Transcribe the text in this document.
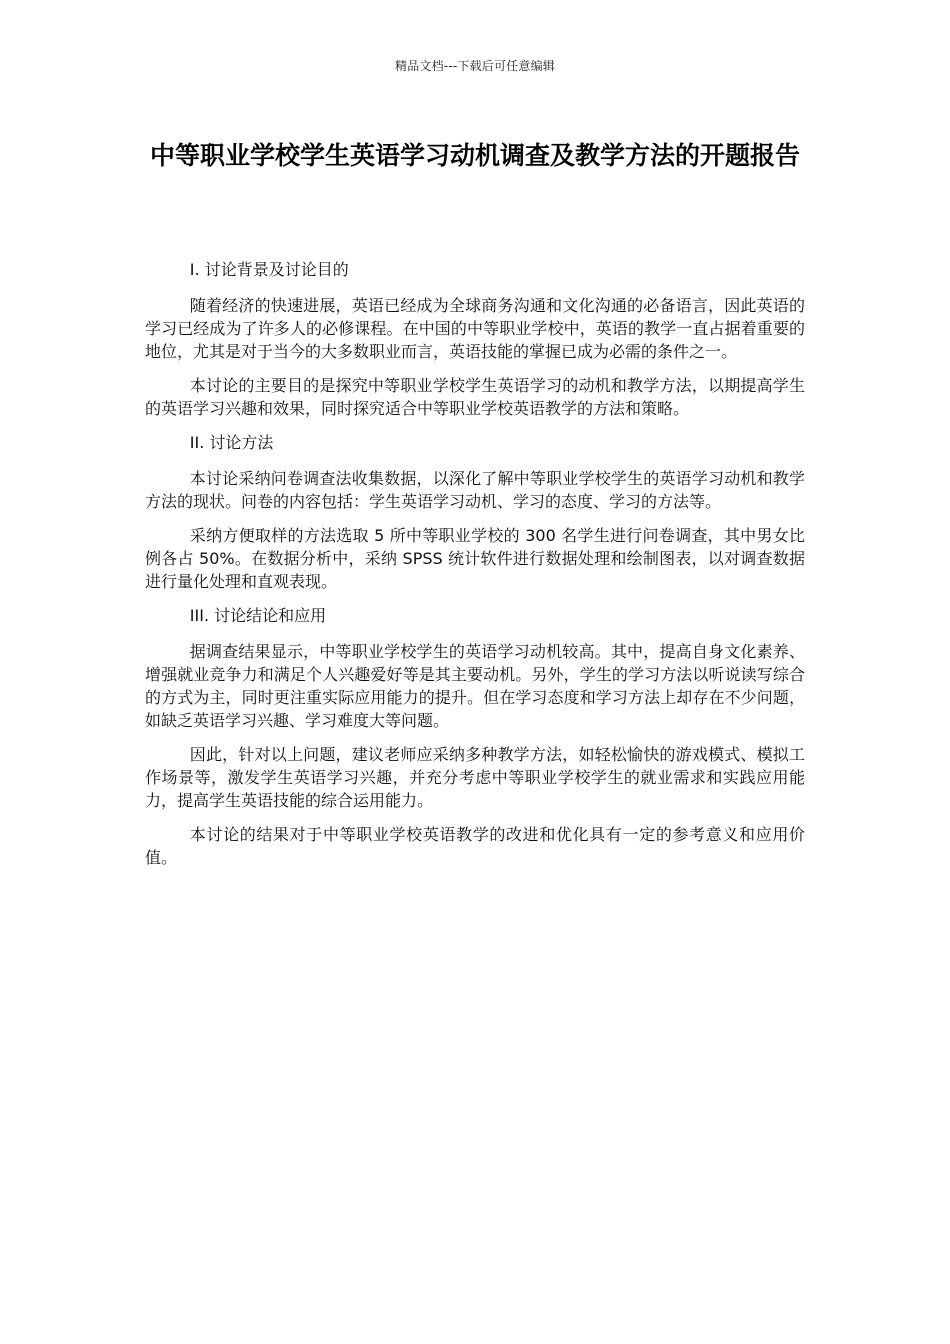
精品文档---下载后可任意编辑
中等职业学校学生英语学习动机调查及教学方法的开题报告

I. 讨论背景及讨论目的

随着经济的快速进展，英语已经成为全球商务沟通和文化沟通的必备语言，因此英语的学习已经成为了许多人的必修课程。在中国的中等职业学校中，英语的教学一直占据着重要的地位，尤其是对于当今的大多数职业而言，英语技能的掌握已成为必需的条件之一。

本讨论的主要目的是探究中等职业学校学生英语学习的动机和教学方法，以期提高学生的英语学习兴趣和效果，同时探究适合中等职业学校英语教学的方法和策略。

II. 讨论方法

本讨论采纳问卷调查法收集数据，以深化了解中等职业学校学生的英语学习动机和教学方法的现状。问卷的内容包括：学生英语学习动机、学习的态度、学习的方法等。

采纳方便取样的方法选取 5 所中等职业学校的 300 名学生进行问卷调查，其中男女比例各占 50%。在数据分析中，采纳 SPSS 统计软件进行数据处理和绘制图表，以对调查数据进行量化处理和直观表现。

III. 讨论结论和应用

据调查结果显示，中等职业学校学生的英语学习动机较高。其中，提高自身文化素养、增强就业竞争力和满足个人兴趣爱好等是其主要动机。另外，学生的学习方法以听说读写综合的方式为主，同时更注重实际应用能力的提升。但在学习态度和学习方法上却存在不少问题，如缺乏英语学习兴趣、学习难度大等问题。

因此，针对以上问题，建议老师应采纳多种教学方法，如轻松愉快的游戏模式、模拟工作场景等，激发学生英语学习兴趣，并充分考虑中等职业学校学生的就业需求和实践应用能力，提高学生英语技能的综合运用能力。

本讨论的结果对于中等职业学校英语教学的改进和优化具有一定的参考意义和应用价值。
